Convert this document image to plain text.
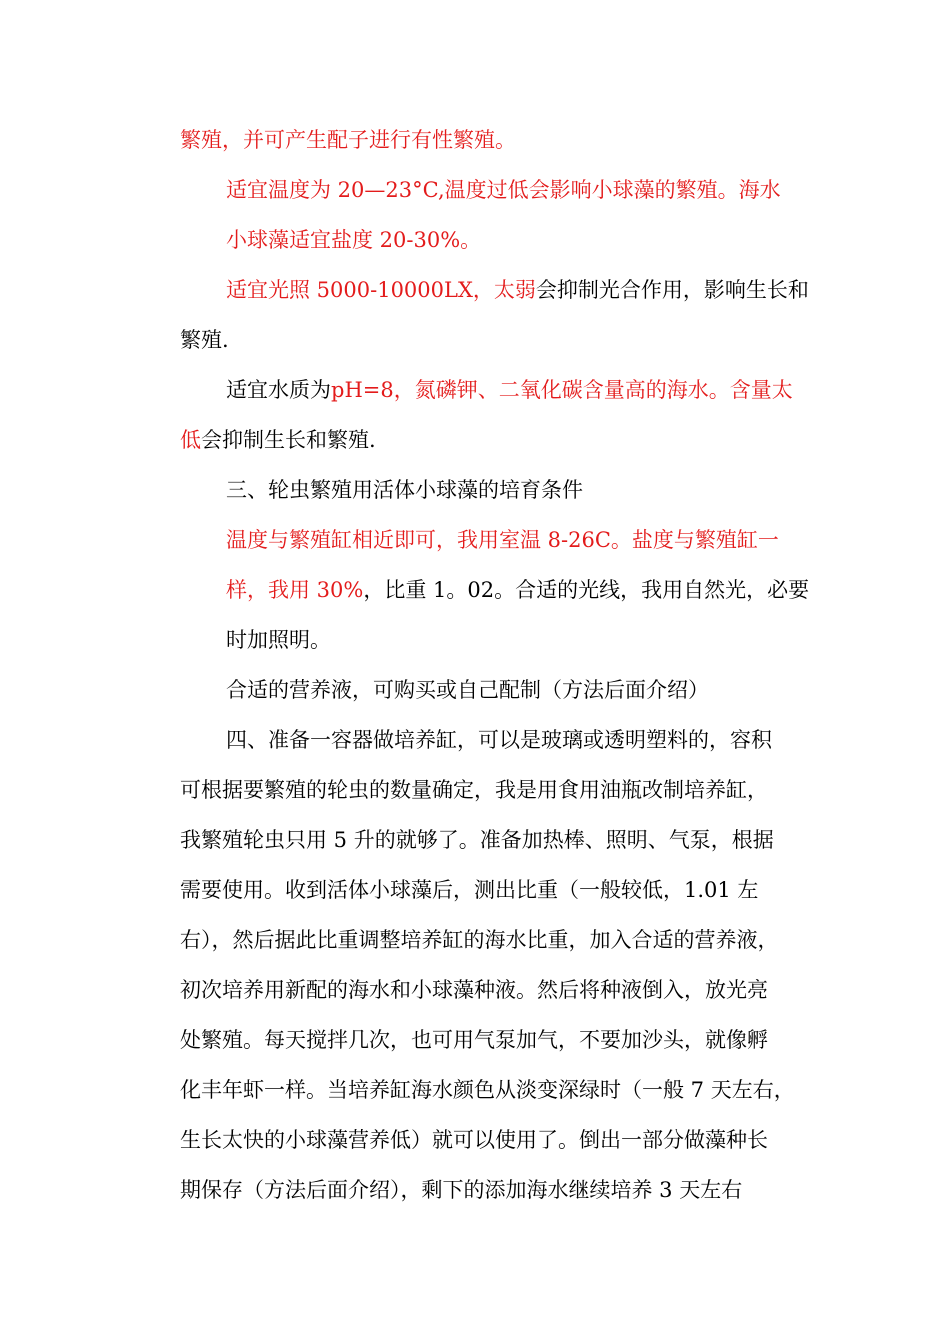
繁殖，并可产生配子进行有性繁殖。
适宜温度为 20—23°C,温度过低会影响小球藻的繁殖。海水
小球藻适宜盐度 20-30%。
适宜光照 5000-10000LX，太弱会抑制光合作用，影响生长和
繁殖.
适宜水质为pH=8，氮磷钾、二氧化碳含量高的海水。含量太
低会抑制生长和繁殖.
三、轮虫繁殖用活体小球藻的培育条件
温度与繁殖缸相近即可，我用室温 8-26C。盐度与繁殖缸一
样，我用 30%，比重 1。02。合适的光线，我用自然光，必要
时加照明。
合适的营养液，可购买或自己配制（方法后面介绍）
四、准备一容器做培养缸，可以是玻璃或透明塑料的，容积
可根据要繁殖的轮虫的数量确定，我是用食用油瓶改制培养缸，
我繁殖轮虫只用 5 升的就够了。准备加热棒、照明、气泵，根据
需要使用。收到活体小球藻后，测出比重（一般较低，1.01 左
右），然后据此比重调整培养缸的海水比重，加入合适的营养液，
初次培养用新配的海水和小球藻种液。然后将种液倒入，放光亮
处繁殖。每天搅拌几次，也可用气泵加气，不要加沙头，就像孵
化丰年虾一样。当培养缸海水颜色从淡变深绿时（一般 7 天左右，
生长太快的小球藻营养低）就可以使用了。倒出一部分做藻种长
期保存（方法后面介绍），剩下的添加海水继续培养 3 天左右
